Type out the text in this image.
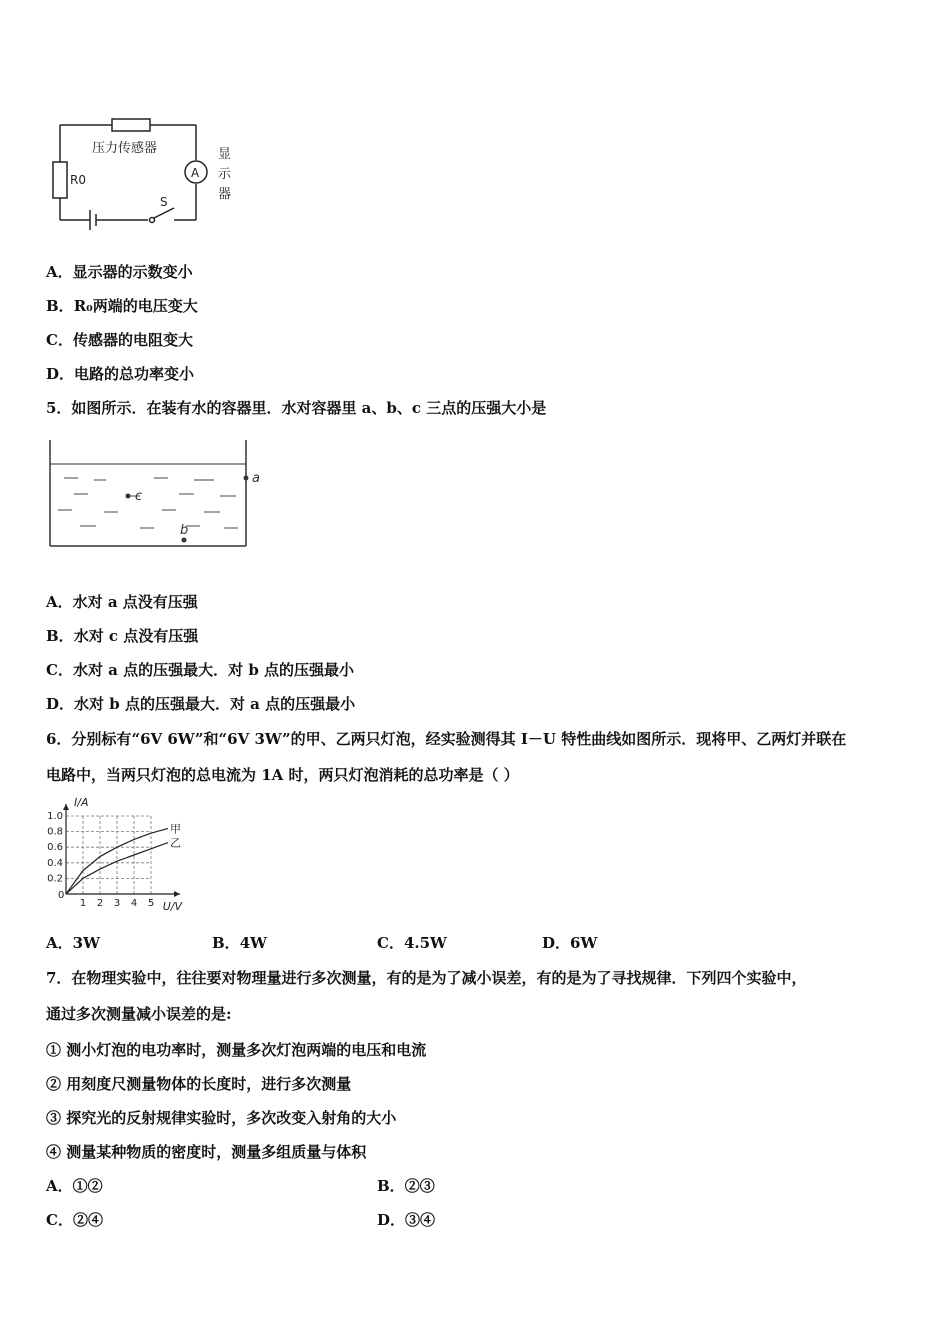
压力传感器
A
R0
S
显 示 器
A．显示器的示数变小
B．R₀两端的电压变大
C．传感器的电阻变大
D．电路的总功率变小
5．如图所示．在装有水的容器里．水对容器里 a、b、c 三点的压强大小是
a
c
b
A．水对 a 点没有压强
B．水对 c 点没有压强
C．水对 a 点的压强最大．对 b 点的压强最小
D．水对 b 点的压强最大．对 a 点的压强最小
6．分别标有“6V 6W”和“6V 3W”的甲、乙两只灯泡，经实验测得其 I－U 特性曲线如图所示．现将甲、乙两灯并联在
电路中，当两只灯泡的总电流为 1A 时，两只灯泡消耗的总功率是（ ）
1 2 3 4 5
0.2
0.4
0.6
0.8
1.0
0
I/A
U/V
甲
乙
A．3W	B．4W	C．4.5W	D．6W
7．在物理实验中，往往要对物理量进行多次测量，有的是为了减小误差，有的是为了寻找规律．下列四个实验中，
通过多次测量减小误差的是:
① 测小灯泡的电功率时，测量多次灯泡两端的电压和电流
② 用刻度尺测量物体的长度时，进行多次测量
③ 探究光的反射规律实验时，多次改变入射角的大小
④ 测量某种物质的密度时，测量多组质量与体积
A．①②	B．②③
C．②④	D．③④
